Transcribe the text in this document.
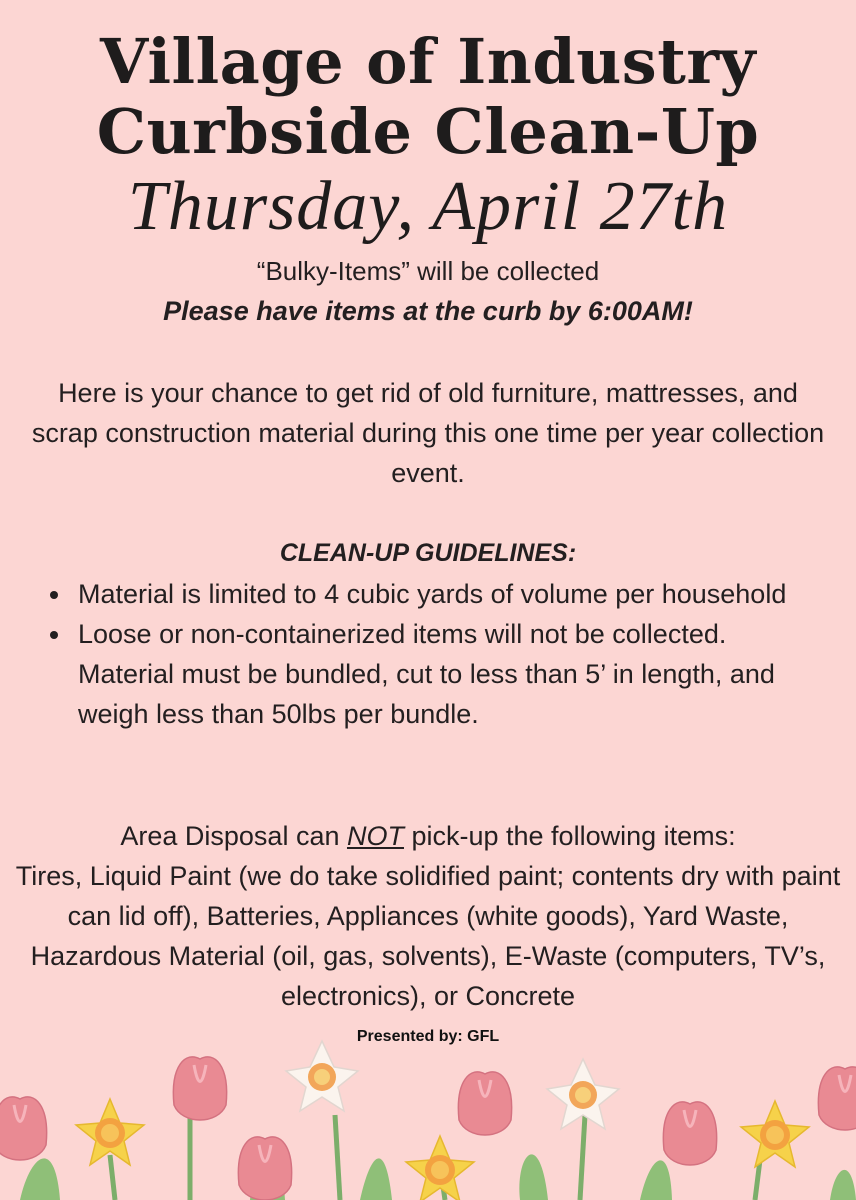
Village of Industry
Curbside Clean-Up
Thursday, April 27th
“Bulky-Items” will be collected
Please have items at the curb by 6:00AM!
Here is your chance to get rid of old furniture, mattresses, and scrap construction material during this one time per year collection event.
CLEAN-UP GUIDELINES:
Material is limited to 4 cubic yards of volume per household
Loose or non-containerized items will not be collected. Material must be bundled, cut to less than 5’ in length, and weigh less than 50lbs per bundle.
Area Disposal can NOT pick-up the following items:
Tires, Liquid Paint (we do take solidified paint; contents dry with paint can lid off), Batteries, Appliances (white goods), Yard Waste, Hazardous Material (oil, gas, solvents), E-Waste (computers, TV’s, electronics), or Concrete
Presented by: GFL
